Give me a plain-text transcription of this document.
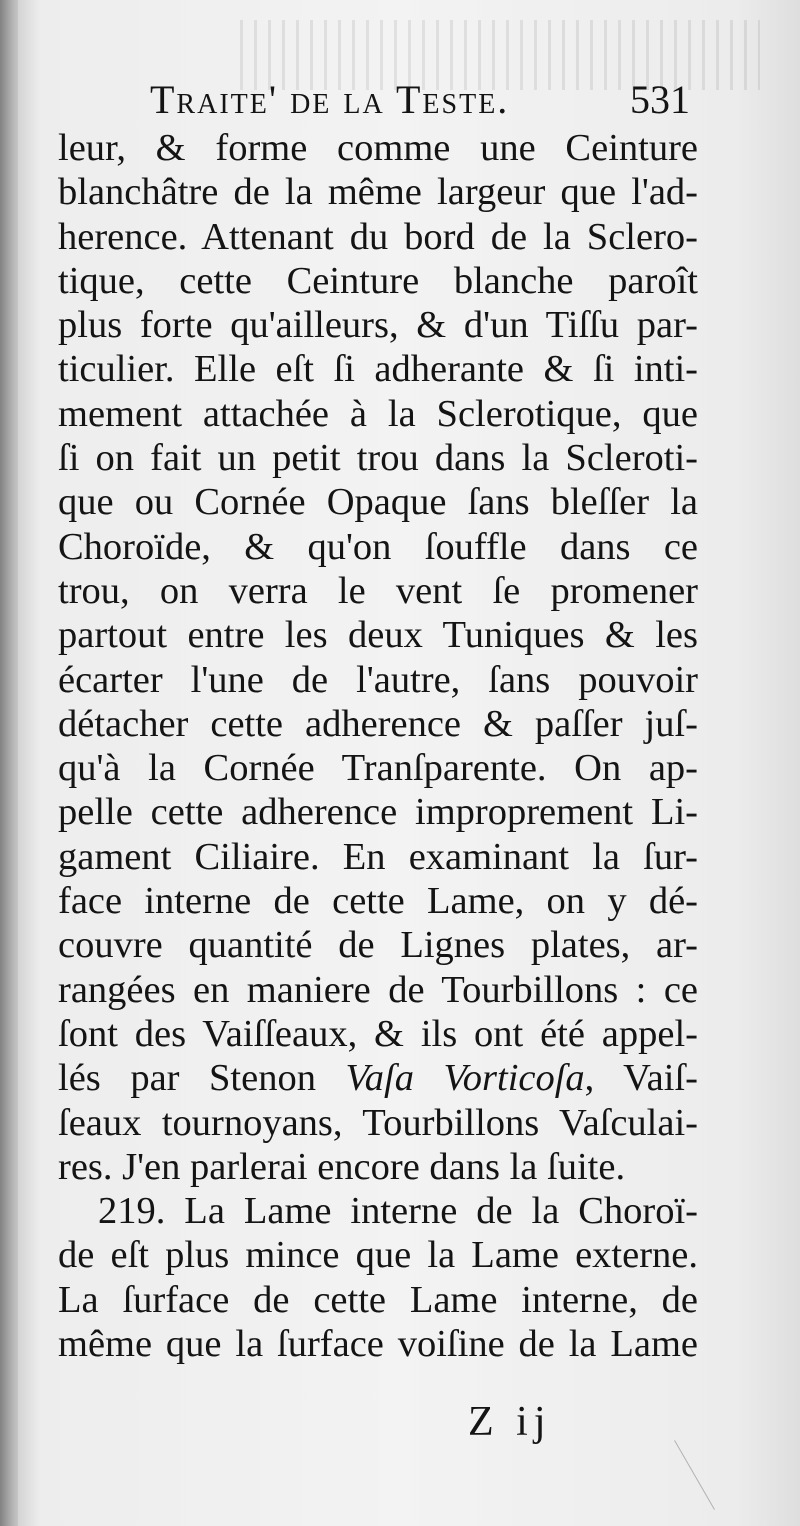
Traite' de la Teste.	531
leur, & forme comme une Ceinture
blanchâtre de la même largeur que l'ad-
herence. Attenant du bord de la Sclero-
tique, cette Ceinture blanche paroît
plus forte qu'ailleurs, & d'un Tiſſu par-
ticulier. Elle eſt ſi adherante & ſi inti-
mement attachée à la Sclerotique, que
ſi on fait un petit trou dans la Scleroti-
que ou Cornée Opaque ſans bleſſer la
Choroïde, & qu'on ſouffle dans ce
trou, on verra le vent ſe promener
partout entre les deux Tuniques & les
écarter l'une de l'autre, ſans pouvoir
détacher cette adherence & paſſer juſ-
qu'à la Cornée Tranſparente. On ap-
pelle cette adherence improprement Li-
gament Ciliaire. En examinant la ſur-
face interne de cette Lame, on y dé-
couvre quantité de Lignes plates, ar-
rangées en maniere de Tourbillons : ce
ſont des Vaiſſeaux, & ils ont été appel-
lés par Stenon Vaſa Vorticoſa, Vaiſ-
ſeaux tournoyans, Tourbillons Vaſculai-
res. J'en parlerai encore dans la ſuite.
219. La Lame interne de la Choroï-
de eſt plus mince que la Lame externe.
La ſurface de cette Lame interne, de
même que la ſurface voiſine de la Lame
Z ij
